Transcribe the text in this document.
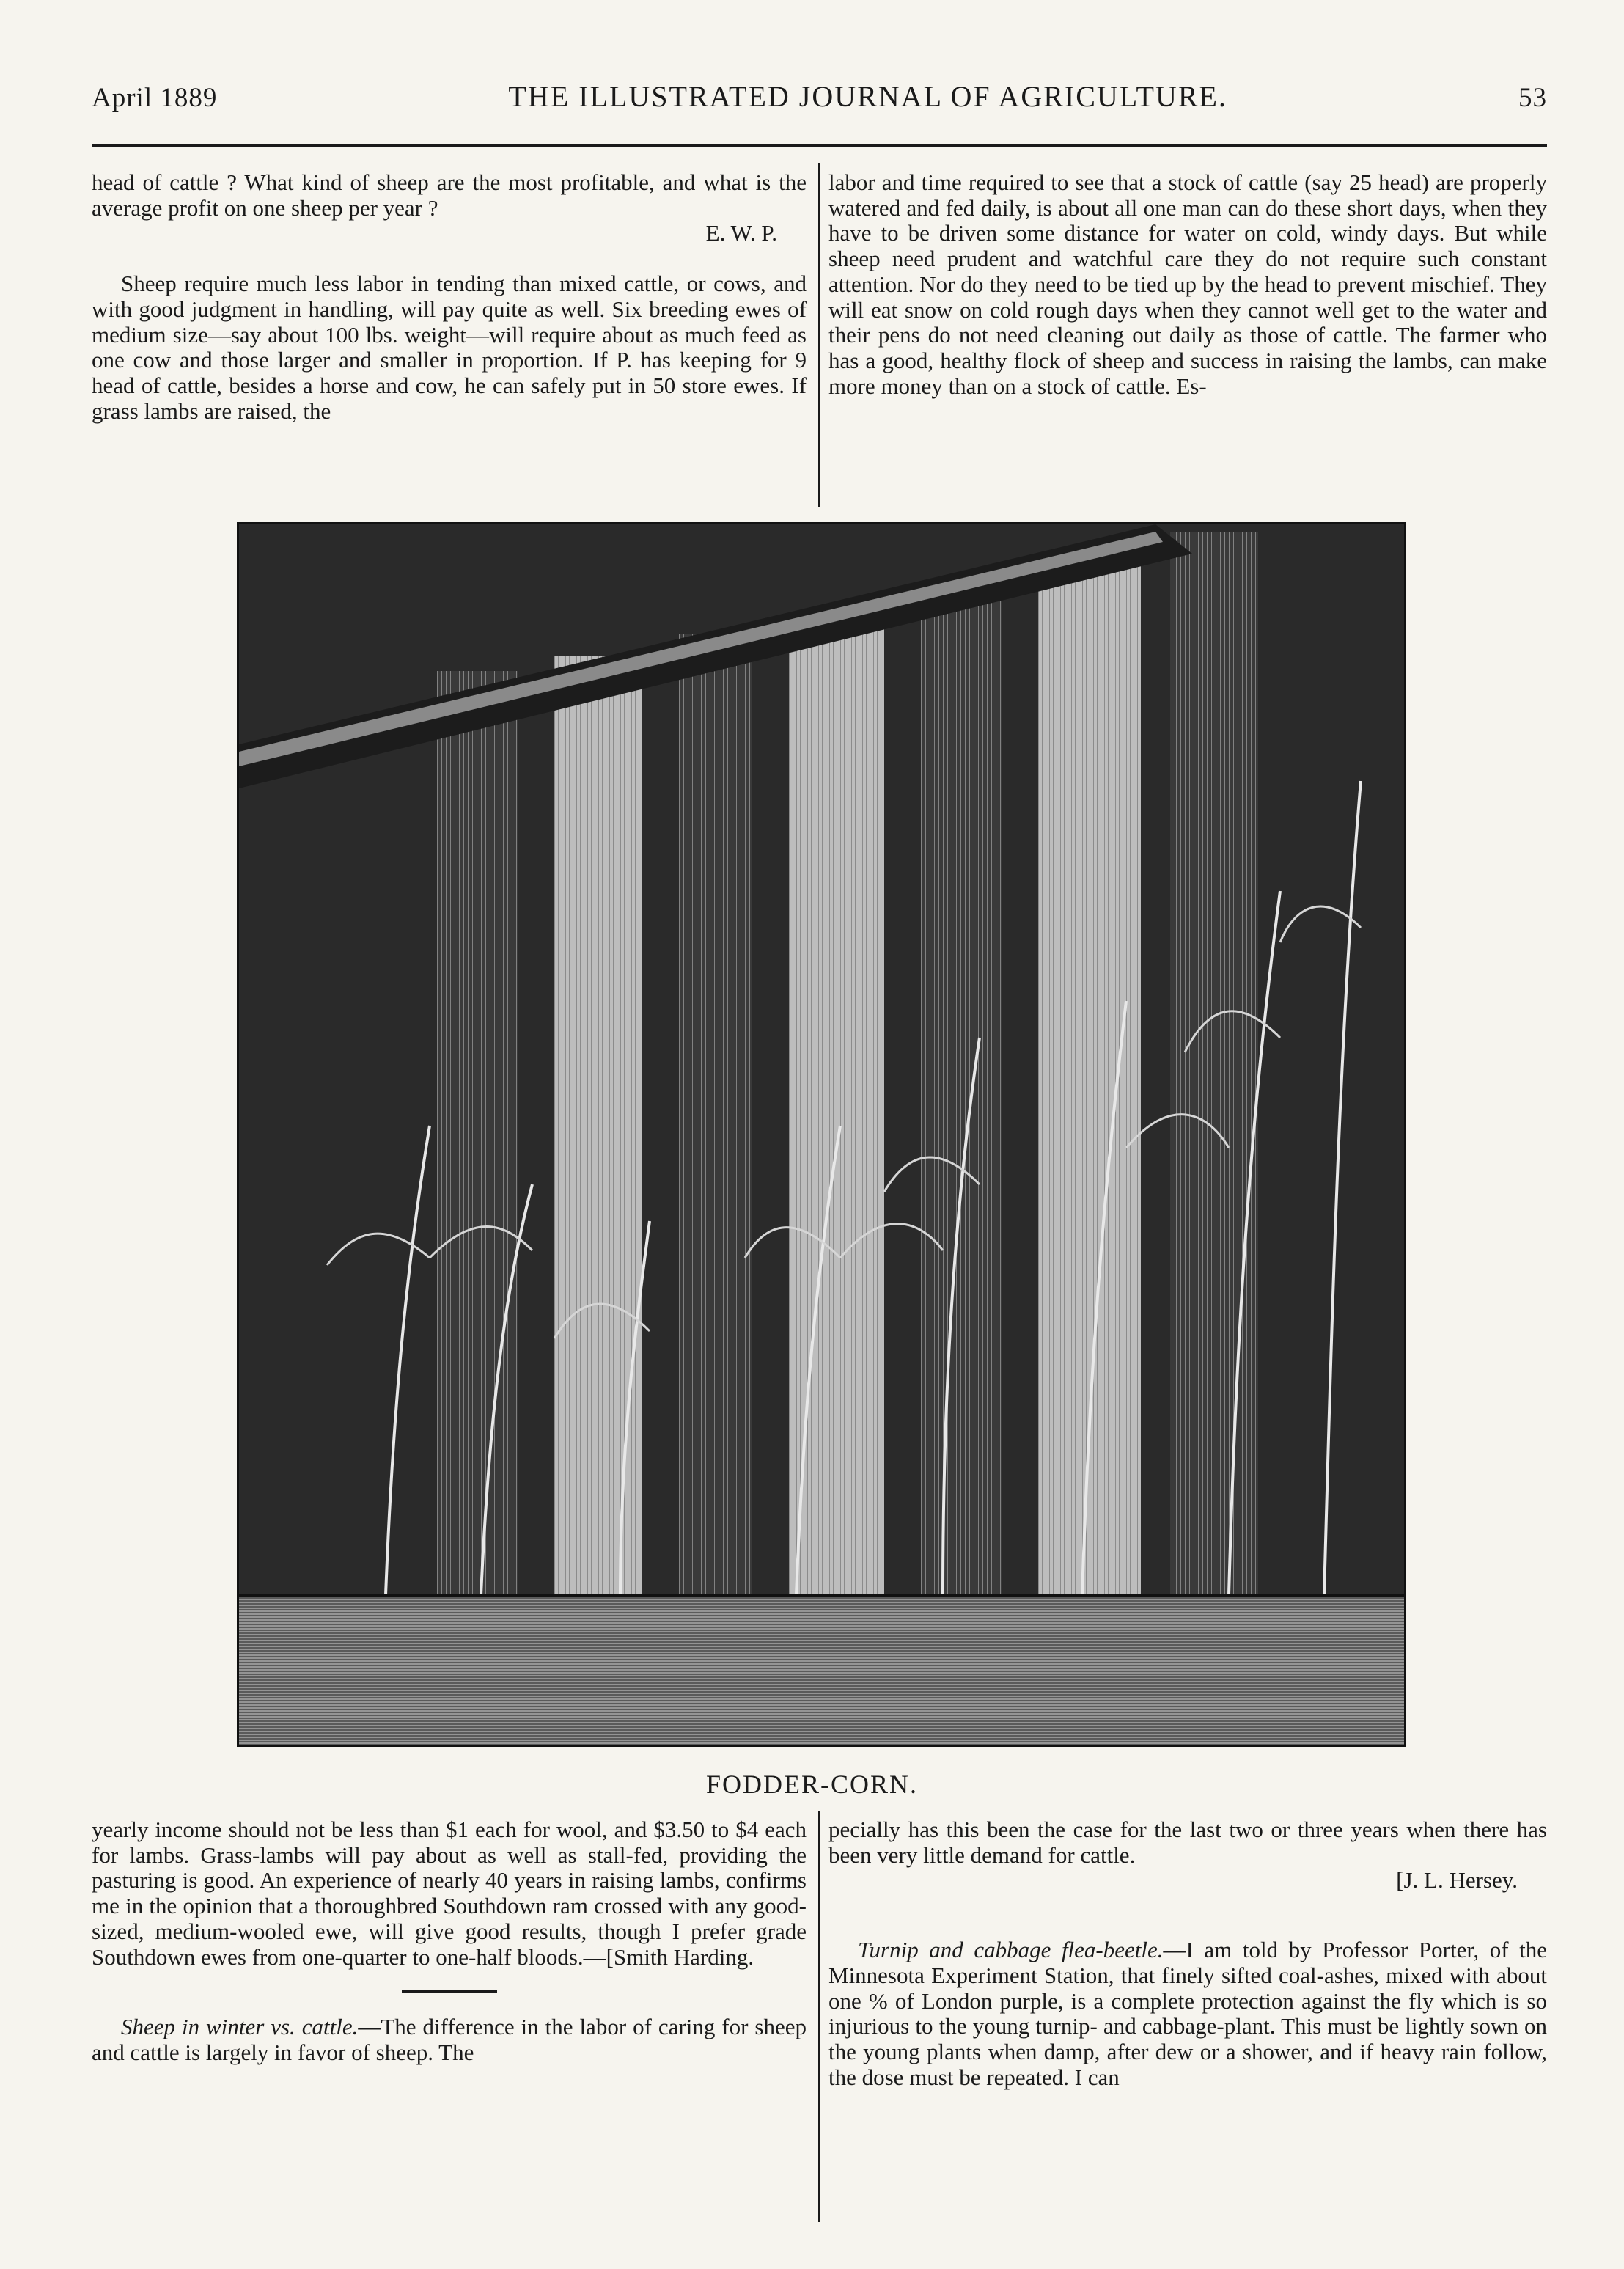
April 1889	THE ILLUSTRATED JOURNAL OF AGRICULTURE.	53

head of cattle ? What kind of sheep are the most profitable, and what is the average profit on one sheep per year ?

E. W. P.

Sheep require much less labor in tending than mixed cattle, or cows, and with good judgment in handling, will pay quite as well. Six breeding ewes of medium size—say about 100 lbs. weight—will require about as much feed as one cow and those larger and smaller in proportion. If P. has keeping for 9 head of cattle, besides a horse and cow, he can safely put in 50 store ewes. If grass lambs are raised, the

labor and time required to see that a stock of cattle (say 25 head) are properly watered and fed daily, is about all one man can do these short days, when they have to be driven some distance for water on cold, windy days. But while sheep need prudent and watchful care they do not require such constant attention. Nor do they need to be tied up by the head to prevent mischief. They will eat snow on cold rough days when they cannot well get to the water and their pens do not need cleaning out daily as those of cattle. The farmer who has a good, healthy flock of sheep and success in raising the lambs, can make more money than on a stock of cattle. Es-

FODDER-CORN.

yearly income should not be less than $1 each for wool, and $3.50 to $4 each for lambs. Grass-lambs will pay about as well as stall-fed, providing the pasturing is good. An experience of nearly 40 years in raising lambs, confirms me in the opinion that a thoroughbred Southdown ram crossed with any good-sized, medium-wooled ewe, will give good results, though I prefer grade Southdown ewes from one-quarter to one-half bloods.—[Smith Harding.

Sheep in winter vs. cattle.—The difference in the labor of caring for sheep and cattle is largely in favor of sheep. The

pecially has this been the case for the last two or three years when there has been very little demand for cattle.

[J. L. Hersey.

Turnip and cabbage flea-beetle.—I am told by Professor Porter, of the Minnesota Experiment Station, that finely sifted coal-ashes, mixed with about one % of London purple, is a complete protection against the fly which is so injurious to the young turnip- and cabbage-plant. This must be lightly sown on the young plants when damp, after dew or a shower, and if heavy rain follow, the dose must be repeated. I can
